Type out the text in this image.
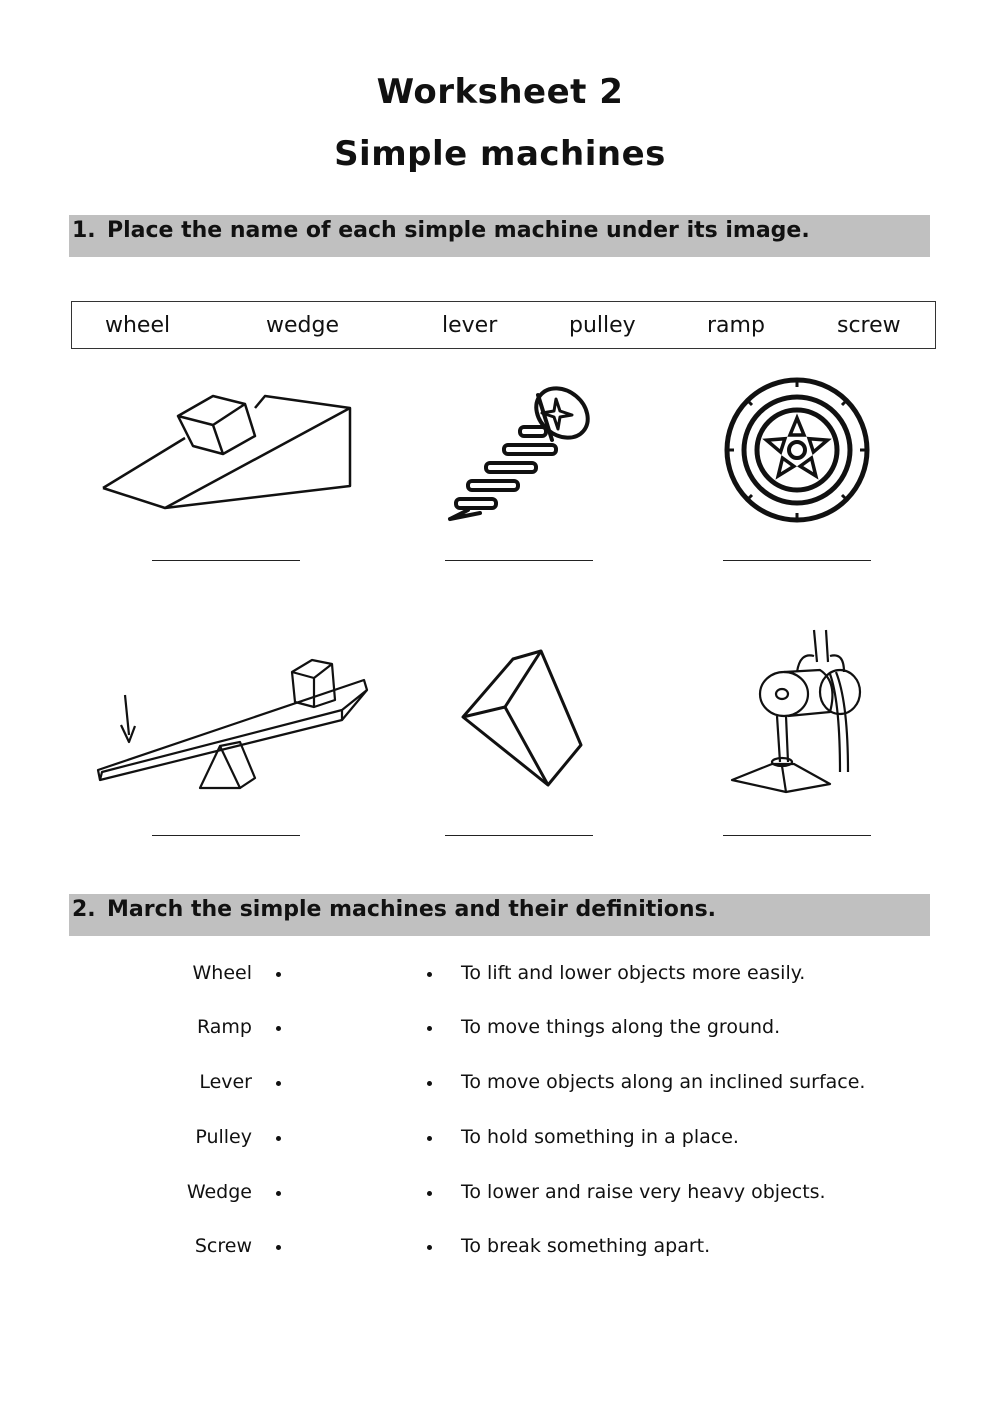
Worksheet 2
Simple machines
1. Place the name of each simple machine under its image.
wheel	wedge	lever	pulley	ramp	screw
2. March the simple machines and their definitions.
Wheel	To lift and lower objects more easily.
Ramp	To move things along the ground.
Lever	To move objects along an inclined surface.
Pulley	To hold something in a place.
Wedge	To lower and raise very heavy objects.
Screw	To break something apart.
